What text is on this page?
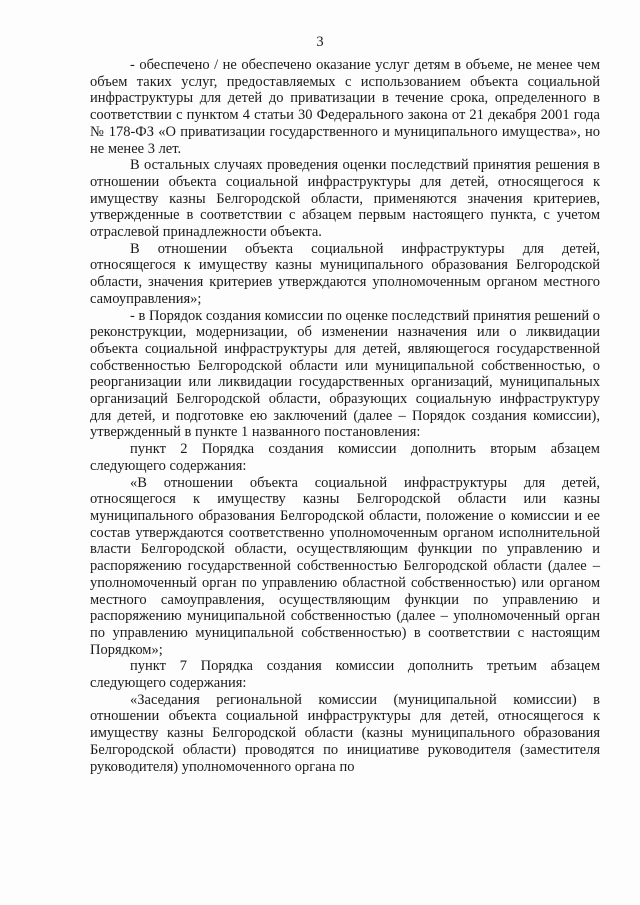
3

- обеспечено / не обеспечено оказание услуг детям в объеме, не менее чем объем таких услуг, предоставляемых с использованием объекта социальной инфраструктуры для детей до приватизации в течение срока, определенного в соответствии с пунктом 4 статьи 30 Федерального закона от 21 декабря 2001 года № 178-ФЗ «О приватизации государственного и муниципального имущества», но не менее 3 лет.

В остальных случаях проведения оценки последствий принятия решения в отношении объекта социальной инфраструктуры для детей, относящегося к имуществу казны Белгородской области, применяются значения критериев, утвержденные в соответствии с абзацем первым настоящего пункта, с учетом отраслевой принадлежности объекта.

В отношении объекта социальной инфраструктуры для детей, относящегося к имуществу казны муниципального образования Белгородской области, значения критериев утверждаются уполномоченным органом местного самоуправления»;

- в Порядок создания комиссии по оценке последствий принятия решений о реконструкции, модернизации, об изменении назначения или о ликвидации объекта социальной инфраструктуры для детей, являющегося государственной собственностью Белгородской области или муниципальной собственностью, о реорганизации или ликвидации государственных организаций, муниципальных организаций Белгородской области, образующих социальную инфраструктуру для детей, и подготовке ею заключений (далее – Порядок создания комиссии), утвержденный в пункте 1 названного постановления:

пункт 2 Порядка создания комиссии дополнить вторым абзацем следующего содержания:

«В отношении объекта социальной инфраструктуры для детей, относящегося к имуществу казны Белгородской области или казны муниципального образования Белгородской области, положение о комиссии и ее состав утверждаются соответственно уполномоченным органом исполнительной власти Белгородской области, осуществляющим функции по управлению и распоряжению государственной собственностью Белгородской области (далее – уполномоченный орган по управлению областной собственностью) или органом местного самоуправления, осуществляющим функции по управлению и распоряжению муниципальной собственностью (далее – уполномоченный орган по управлению муниципальной собственностью) в соответствии с настоящим Порядком»;

пункт 7 Порядка создания комиссии дополнить третьим абзацем следующего содержания:

«Заседания региональной комиссии (муниципальной комиссии) в отношении объекта социальной инфраструктуры для детей, относящегося к имуществу казны Белгородской области (казны муниципального образования Белгородской области) проводятся по инициативе руководителя (заместителя руководителя) уполномоченного органа по
